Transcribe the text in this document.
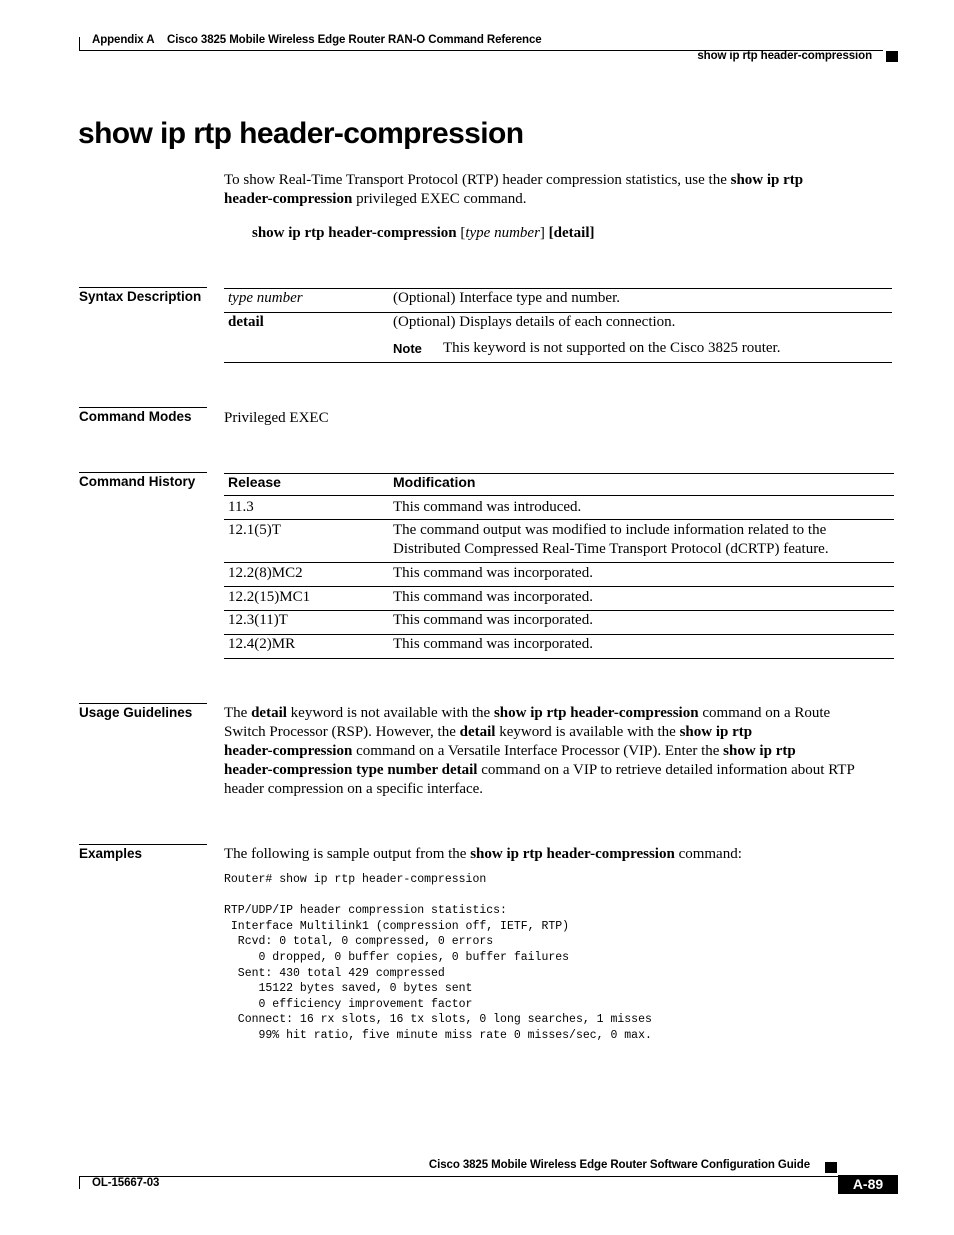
Appendix A Cisco 3825 Mobile Wireless Edge Router RAN-O Command Reference
show ip rtp header-compression
show ip rtp header-compression
To show Real-Time Transport Protocol (RTP) header compression statistics, use the show ip rtp
header-compression privileged EXEC command.
show ip rtp header-compression [type number] [detail]
Syntax Description	type number	(Optional) Interface type and number.
detail	(Optional) Displays details of each connection.
Note This keyword is not supported on the Cisco 3825 router.
Command Modes	Privileged EXEC
Command History	Release	Modification
11.3	This command was introduced.
12.1(5)T	The command output was modified to include information related to the
Distributed Compressed Real-Time Transport Protocol (dCRTP) feature.
12.2(8)MC2	This command was incorporated.
12.2(15)MC1	This command was incorporated.
12.3(11)T	This command was incorporated.
12.4(2)MR	This command was incorporated.
Usage Guidelines	The detail keyword is not available with the show ip rtp header-compression command on a Route
Switch Processor (RSP). However, the detail keyword is available with the show ip rtp
header-compression command on a Versatile Interface Processor (VIP). Enter the show ip rtp
header-compression type number detail command on a VIP to retrieve detailed information about RTP
header compression on a specific interface.
Examples	The following is sample output from the show ip rtp header-compression command:
Router# show ip rtp header-compression

RTP/UDP/IP header compression statistics:
Interface Multilink1 (compression off, IETF, RTP)
Rcvd: 0 total, 0 compressed, 0 errors
0 dropped, 0 buffer copies, 0 buffer failures
Sent: 430 total 429 compressed
15122 bytes saved, 0 bytes sent
0 efficiency improvement factor
Connect: 16 rx slots, 16 tx slots, 0 long searches, 1 misses
99% hit ratio, five minute miss rate 0 misses/sec, 0 max.
Cisco 3825 Mobile Wireless Edge Router Software Configuration Guide
OL-15667-03	A-89
